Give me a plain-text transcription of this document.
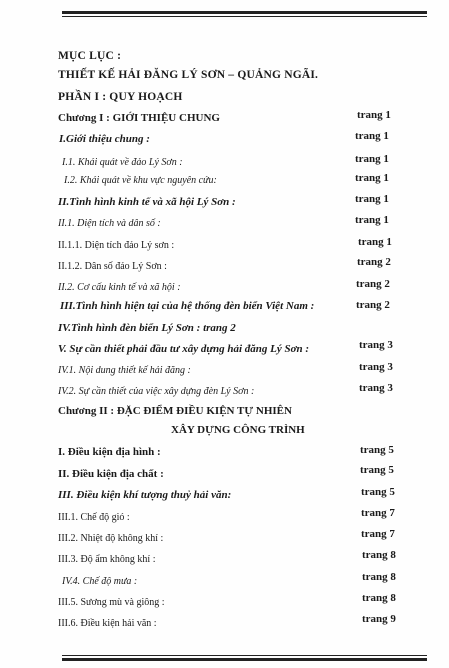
MỤC LỤC :
THIẾT KẾ HẢI ĐĂNG LÝ SƠN – QUẢNG NGÃI.
PHẦN I : QUY HOẠCH
Chương I : GIỚI THIỆU CHUNG	trang 1
I.Giới thiệu chung :	trang 1
I.1. Khái quát về đảo Lý Sơn :	trang 1
I.2. Khái quát về khu vực nguyên cứu:	trang 1
II.Tình hình kinh tế và xã hội Lý Sơn :	trang 1
II.1. Diện tích và dân số :	trang 1
II.1.1. Diện tích đảo Lý sơn :	trang 1
II.1.2. Dân số đảo Lý Sơn :	trang 2
II.2. Cơ cấu kinh tế và xã hội :	trang 2
III.Tình hình hiện tại của hệ thống đèn biển Việt Nam :	trang 2
IV.Tình hình đèn biển Lý Sơn : trang 2
V. Sự cần thiết phải đầu tư xây dựng hải đăng Lý Sơn :	trang 3
IV.1. Nội dung thiết kế hải đăng :	trang 3
IV.2. Sự cần thiết của việc xây dựng đèn Lý Sơn :	trang 3
Chương II : ĐẶC ĐIỂM ĐIỀU KIỆN TỰ NHIÊN
XÂY DỰNG CÔNG TRÌNH
I. Điều kiện địa hình :	trang 5
II. Điều kiện địa chất :	trang 5
III. Điều kiện khí tượng thuỷ hải văn:	trang 5
III.1. Chế độ gió :	trang 7
III.2. Nhiệt độ không khí :	trang 7
III.3. Độ ẩm không khí :	trang 8
IV.4. Chế độ mưa :	trang 8
III.5. Sương mù và giông :	trang 8
III.6. Điều kiện hải văn :	trang 9
